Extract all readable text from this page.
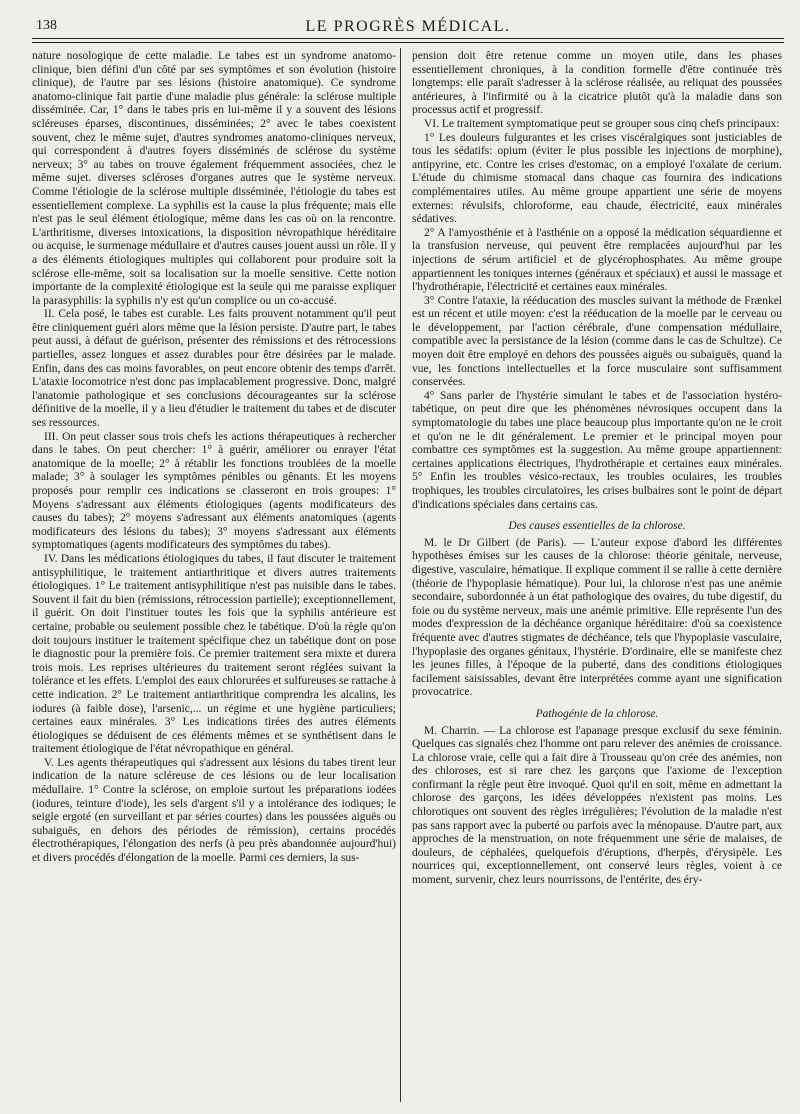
138	LE PROGRÈS MÉDICAL.

nature nosologique de cette maladie. Le tabes est un syndrome anatomo-clinique, bien défini d'un côté par ses symptômes et son évolution (histoire clinique), de l'autre par ses lésions (histoire anatomique). Ce syndrome anatomo-clinique fait partie d'une maladie plus générale: la sclérose multiple disséminée. Car, 1° dans le tabes pris en lui-même il y a souvent des lésions scléreuses éparses, discontinues, disséminées; 2° avec le tabes coexistent souvent, chez le même sujet, d'autres syndromes anatomo-cliniques nerveux, qui correspondent à d'autres foyers disséminés de sclérose du système nerveux; 3° au tabes on trouve également fréquemment associées, chez le même sujet. diverses scléroses d'organes autres que le système nerveux. Comme l'étiologie de la sclérose multiple disséminée, l'étiologie du tabes est essentiellement complexe. La syphilis est la cause la plus fréquente; mais elle n'est pas le seul élément étiologique, même dans les cas où on la rencontre. L'arthritisme, diverses intoxications, la disposition névropathique héréditaire ou acquise, le surmenage médullaire et d'autres causes jouent aussi un rôle. Il y a des éléments étiologiques multiples qui collaborent pour produire soit la sclérose elle-même, soit sa localisation sur la moelle sensitive. Cette notion importante de la complexité étiologique est la seule qui me paraisse expliquer la parasyphilis: la syphilis n'y est qu'un complice ou un co-accusé.

II. Cela posé, le tabes est curable. Les faits prouvent notamment qu'il peut être cliniquement guéri alors même que la lésion persiste. D'autre part, le tabes peut aussi, à défaut de guérison, présenter des rémissions et des rétrocessions partielles, assez longues et assez durables pour être désirées par le malade. Enfin, dans des cas moins favorables, on peut encore obtenir des temps d'arrêt. L'ataxie locomotrice n'est donc pas implacablement progressive. Donc, malgré l'anatomie pathologique et ses conclusions décourageantes sur la sclérose définitive de la moelle, il y a lieu d'étudier le traitement du tabes et de discuter ses ressources.

III. On peut classer sous trois chefs les actions thérapeutiques à rechercher dans le tabes. On peut chercher: 1° à guérir, améliorer ou enrayer l'état anatomique de la moelle; 2° à rétablir les fonctions troublées de la moelle malade; 3° à soulager les symptômes pénibles ou gênants. Et les moyens proposés pour remplir ces indications se classeront en trois groupes: 1° Moyens s'adressant aux éléments étiologiques (agents modificateurs des causes du tabes); 2° moyens s'adressant aux éléments anatomiques (agents modificateurs des lésions du tabes); 3° moyens s'adressant aux éléments symptomatiques (agents modificateurs des symptômes du tabes).

IV. Dans les médications étiologiques du tabes, il faut discuter le traitement antisyphilitique, le traitement antiarthritique et divers autres traitements étiologiques. 1° Le traitement antisyphilitique n'est pas nuisible dans le tabes. Souvent il fait du bien (rémissions, rétrocession partielle); exceptionnellement, il guérit. On doit l'instituer toutes les fois que la syphilis antérieure est certaine, probable ou seulement possible chez le tabétique. D'où la règle qu'on doit toujours instituer le traitement spécifique chez un tabétique dont on pose le diagnostic pour la première fois. Ce premier traitement sera mixte et durera trois mois. Les reprises ultérieures du traitement seront réglées suivant la tolérance et les effets. L'emploi des eaux chlorurées et sulfureuses se rattache à cette indication. 2° Le traitement antiarthritique comprendra les alcalins, les iodures (à faible dose), l'arsenic,... un régime et une hygiène particuliers; certaines eaux minérales. 3° Les indications tirées des autres éléments étiologiques se déduisent de ces éléments mêmes et se synthétisent dans le traitement étiologique de l'état névropathique en général.

V. Les agents thérapeutiques qui s'adressent aux lésions du tabes tirent leur indication de la nature scléreuse de ces lésions ou de leur localisation médullaire. 1° Contre la sclérose, on emploie surtout les préparations iodées (iodures, teinture d'iode), les sels d'argent s'il y a intolérance des iodiques; le seigle ergoté (en surveillant et par séries courtes) dans les poussées aiguës ou subaiguës, en dehors des périodes de rémission), certains procédés électrothérapiques, l'élongation des nerfs (à peu près abandonnée aujourd'hui) et divers procédés d'élongation de la moelle. Parmi ces derniers, la sus-

pension doit être retenue comme un moyen utile, dans les phases essentiellement chroniques, à la condition formelle d'être continuée très longtemps: elle paraît s'adresser à la sclérose réalisée, au reliquat des poussées antérieures, à l'infirmité ou à la cicatrice plutôt qu'à la maladie dans son processus actif et progressif.

VI. Le traitement symptomatique peut se grouper sous cinq chefs principaux:

1° Les douleurs fulgurantes et les crises viscéralgiques sont justiciables de tous les sédatifs: opium (éviter le plus possible les injections de morphine), antipyrine, etc. Contre les crises d'estomac, on a employé l'oxalate de cerium. L'étude du chimisme stomacal dans chaque cas fournira des indications complémentaires utiles. Au même groupe appartient une série de moyens externes: révulsifs, chloroforme, eau chaude, électricité, eaux minérales sédatives.

2° A l'amyosthénie et à l'asthénie on a opposé la médication séquardienne et la transfusion nerveuse, qui peuvent être remplacées aujourd'hui par les injections de sérum artificiel et de glycérophosphates. Au même groupe appartiennent les toniques internes (généraux et spéciaux) et aussi le massage et l'hydrothérapie, l'électricité et certaines eaux minérales.

3° Contre l'ataxie, la rééducation des muscles suivant la méthode de Frænkel est un récent et utile moyen: c'est la rééducation de la moelle par le cerveau ou le développement, par l'action cérébrale, d'une compensation médullaire, compatible avec la persistance de la lésion (comme dans le cas de Schultze). Ce moyen doit être employé en dehors des poussées aiguës ou subaiguës, quand la vue, les fonctions intellectuelles et la force musculaire sont suffisamment conservées.

4° Sans parler de l'hystérie simulant le tabes et de l'association hystéro-tabétique, on peut dire que les phénomènes névrosiques occupent dans la symptomatologie du tabes une place beaucoup plus importante qu'on ne le croit et qu'on ne le dit généralement. Le premier et le principal moyen pour combattre ces symptômes est la suggestion. Au même groupe appartiennent: certaines applications électriques, l'hydrothérapie et certaines eaux minérales. 5° Enfin les troubles vésico-rectaux, les troubles oculaires, les troubles trophiques, les troubles circulatoires, les crises bulbaires sont le point de départ d'indications spéciales dans certains cas.

Des causes essentielles de la chlorose.

M. le Dr Gilbert (de Paris). — L'auteur expose d'abord les différentes hypothèses émises sur les causes de la chlorose: théorie génitale, nerveuse, digestive, vasculaire, hématique. Il explique comment il se rallie à cette dernière (théorie de l'hypoplasie hématique). Pour lui, la chlorose n'est pas une anémie secondaire, subordonnée à un état pathologique des ovaires, du tube digestif, du foie ou du système nerveux, mais une anémie primitive. Elle représente l'un des modes d'expression de la déchéance organique héréditaire: d'où sa coexistence fréquente avec d'autres stigmates de déchéance, tels que l'hypoplasie vasculaire, l'hypoplasie des organes génitaux, l'hystérie. D'ordinaire, elle se manifeste chez les jeunes filles, à l'époque de la puberté, dans des conditions étiologiques facilement saisissables, devant être interprétées comme ayant une signification provocatrice.

Pathogénie de la chlorose.

M. Charrin. — La chlorose est l'apanage presque exclusif du sexe féminin. Quelques cas signalés chez l'homme ont paru relever des anémies de croissance. La chlorose vraie, celle qui a fait dire à Trousseau qu'on crée des anémies, non des chloroses, est si rare chez les garçons que l'axiome de l'exception confirmant la règle peut être invoqué. Quoi qu'il en soit, même en admettant la chlorose des garçons, les idées développées n'existent pas moins. Les chlorotiques ont souvent des règles irrégulières; l'évolution de la maladie n'est pas sans rapport avec la puberté ou parfois avec la ménopause. D'autre part, aux approches de la menstruation, on note fréquemment une série de malaises, de douleurs, de céphalées, quelquefois d'éruptions, d'herpès, d'érysipèle. Les nourrices qui, exceptionnellement, ont conservé leurs règles, voient à ce moment, survenir, chez leurs nourrissons, de l'entérite, des éry-
